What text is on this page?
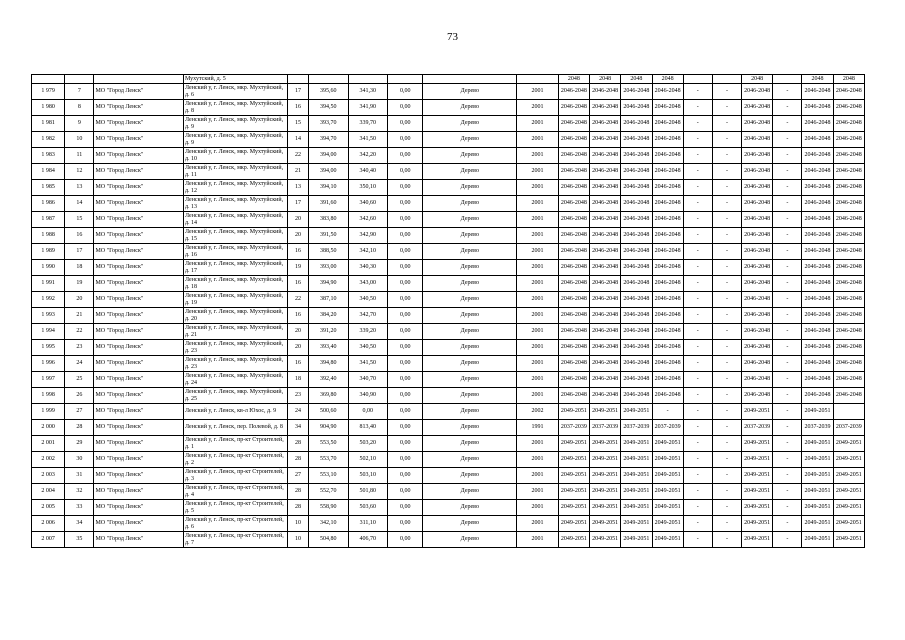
73
			Мухутский, д. 5							2048	2048	2048	2048			2048		2048	2048
1 979	7	МО "Город Ленск"	Ленский у, г. Ленск, мкр. Мухтуйский, д. 6	17	395,60	341,30	0,00	Дерево	2001	2046-2048	2046-2048	2046-2048	2046-2048	-	-	2046-2048	-	2046-2048	2046-2048
1 980	8	МО "Город Ленск"	Ленский у, г. Ленск, мкр. Мухтуйский, д. 8	16	394,50	341,90	0,00	Дерево	2001	2046-2048	2046-2048	2046-2048	2046-2048	-	-	2046-2048	-	2046-2048	2046-2048
1 981	9	МО "Город Ленск"	Ленский у, г. Ленск, мкр. Мухтуйский, д. 9	15	393,70	339,70	0,00	Дерево	2001	2046-2048	2046-2048	2046-2048	2046-2048	-	-	2046-2048	-	2046-2048	2046-2048
1 982	10	МО "Город Ленск"	Ленский у, г. Ленск, мкр. Мухтуйский, д. 9	14	394,70	341,50	0,00	Дерево	2001	2046-2048	2046-2048	2046-2048	2046-2048	-	-	2046-2048	-	2046-2048	2046-2048
1 983	11	МО "Город Ленск"	Ленский у, г. Ленск, мкр. Мухтуйский, д. 10	22	394,00	342,20	0,00	Дерево	2001	2046-2048	2046-2048	2046-2048	2046-2048	-	-	2046-2048	-	2046-2048	2046-2048
1 984	12	МО "Город Ленск"	Ленский у, г. Ленск, мкр. Мухтуйский, д. 11	21	394,00	340,40	0,00	Дерево	2001	2046-2048	2046-2048	2046-2048	2046-2048	-	-	2046-2048	-	2046-2048	2046-2048
1 985	13	МО "Город Ленск"	Ленский у, г. Ленск, мкр. Мухтуйский, д. 12	13	394,10	350,10	0,00	Дерево	2001	2046-2048	2046-2048	2046-2048	2046-2048	-	-	2046-2048	-	2046-2048	2046-2048
1 986	14	МО "Город Ленск"	Ленский у, г. Ленск, мкр. Мухтуйский, д. 13	17	391,60	340,60	0,00	Дерево	2001	2046-2048	2046-2048	2046-2048	2046-2048	-	-	2046-2048	-	2046-2048	2046-2048
1 987	15	МО "Город Ленск"	Ленский у, г. Ленск, мкр. Мухтуйский, д. 14	20	383,80	342,60	0,00	Дерево	2001	2046-2048	2046-2048	2046-2048	2046-2048	-	-	2046-2048	-	2046-2048	2046-2048
1 988	16	МО "Город Ленск"	Ленский у, г. Ленск, мкр. Мухтуйский, д. 15	20	391,50	342,90	0,00	Дерево	2001	2046-2048	2046-2048	2046-2048	2046-2048	-	-	2046-2048	-	2046-2048	2046-2048
1 989	17	МО "Город Ленск"	Ленский у, г. Ленск, мкр. Мухтуйский, д. 16	16	388,50	342,10	0,00	Дерево	2001	2046-2048	2046-2048	2046-2048	2046-2048	-	-	2046-2048	-	2046-2048	2046-2048
1 990	18	МО "Город Ленск"	Ленский у, г. Ленск, мкр. Мухтуйский, д. 17	19	393,00	340,30	0,00	Дерево	2001	2046-2048	2046-2048	2046-2048	2046-2048	-	-	2046-2048	-	2046-2048	2046-2048
1 991	19	МО "Город Ленск"	Ленский у, г. Ленск, мкр. Мухтуйский, д. 18	16	394,90	343,00	0,00	Дерево	2001	2046-2048	2046-2048	2046-2048	2046-2048	-	-	2046-2048	-	2046-2048	2046-2048
1 992	20	МО "Город Ленск"	Ленский у, г. Ленск, мкр. Мухтуйский, д. 19	22	387,10	340,50	0,00	Дерево	2001	2046-2048	2046-2048	2046-2048	2046-2048	-	-	2046-2048	-	2046-2048	2046-2048
1 993	21	МО "Город Ленск"	Ленский у, г. Ленск, мкр. Мухтуйский, д. 20	16	384,20	342,70	0,00	Дерево	2001	2046-2048	2046-2048	2046-2048	2046-2048	-	-	2046-2048	-	2046-2048	2046-2048
1 994	22	МО "Город Ленск"	Ленский у, г. Ленск, мкр. Мухтуйский, д. 21	20	391,20	339,20	0,00	Дерево	2001	2046-2048	2046-2048	2046-2048	2046-2048	-	-	2046-2048	-	2046-2048	2046-2048
1 995	23	МО "Город Ленск"	Ленский у, г. Ленск, мкр. Мухтуйский, д. 23	20	393,40	340,50	0,00	Дерево	2001	2046-2048	2046-2048	2046-2048	2046-2048	-	-	2046-2048	-	2046-2048	2046-2048
1 996	24	МО "Город Ленск"	Ленский у, г. Ленск, мкр. Мухтуйский, д. 23	16	394,80	341,50	0,00	Дерево	2001	2046-2048	2046-2048	2046-2048	2046-2048	-	-	2046-2048	-	2046-2048	2046-2048
1 997	25	МО "Город Ленск"	Ленский у, г. Ленск, мкр. Мухтуйский, д. 24	18	392,40	340,70	0,00	Дерево	2001	2046-2048	2046-2048	2046-2048	2046-2048	-	-	2046-2048	-	2046-2048	2046-2048
1 998	26	МО "Город Ленск"	Ленский у, г. Ленск, мкр. Мухтуйский, д. 25	23	369,80	340,90	0,00	Дерево	2001	2046-2048	2046-2048	2046-2048	2046-2048	-	-	2046-2048	-	2046-2048	2046-2048
1 999	27	МО "Город Ленск"	Ленский у, г. Ленск, кв-л Юхос, д. 9	24	500,60	0,00	0,00	Дерево	2002	2049-2051	2049-2051	2049-2051	-	-	-	2049-2051	-	2049-2051	
2 000	28	МО "Город Ленск"	Ленский у, г. Ленск, пер. Полевой, д. 8	34	904,90	813,40	0,00	Дерево	1991	2037-2039	2037-2039	2037-2039	2037-2039	-	-	2037-2039	-	2037-2039	2037-2039
2 001	29	МО "Город Ленск"	Ленский у, г. Ленск, пр-кт Строителей, д. 1	28	553,50	503,20	0,00	Дерево	2001	2049-2051	2049-2051	2049-2051	2049-2051	-	-	2049-2051	-	2049-2051	2049-2051
2 002	30	МО "Город Ленск"	Ленский у, г. Ленск, пр-кт Строителей, д. 2	28	553,70	502,10	0,00	Дерево	2001	2049-2051	2049-2051	2049-2051	2049-2051	-	-	2049-2051	-	2049-2051	2049-2051
2 003	31	МО "Город Ленск"	Ленский у, г. Ленск, пр-кт Строителей, д. 3	27	553,10	503,10	0,00	Дерево	2001	2049-2051	2049-2051	2049-2051	2049-2051	-	-	2049-2051	-	2049-2051	2049-2051
2 004	32	МО "Город Ленск"	Ленский у, г. Ленск, пр-кт Строителей, д. 4	28	552,70	501,80	0,00	Дерево	2001	2049-2051	2049-2051	2049-2051	2049-2051	-	-	2049-2051	-	2049-2051	2049-2051
2 005	33	МО "Город Ленск"	Ленский у, г. Ленск, пр-кт Строителей, д. 5	28	558,90	503,60	0,00	Дерево	2001	2049-2051	2049-2051	2049-2051	2049-2051	-	-	2049-2051	-	2049-2051	2049-2051
2 006	34	МО "Город Ленск"	Ленский у, г. Ленск, пр-кт Строителей, д. 6	10	342,10	311,10	0,00	Дерево	2001	2049-2051	2049-2051	2049-2051	2049-2051	-	-	2049-2051	-	2049-2051	2049-2051
2 007	35	МО "Город Ленск"	Ленский у, г. Ленск, пр-кт Строителей, д. 7	10	504,80	406,70	0,00	Дерево	2001	2049-2051	2049-2051	2049-2051	2049-2051	-	-	2049-2051	-	2049-2051	2049-2051
